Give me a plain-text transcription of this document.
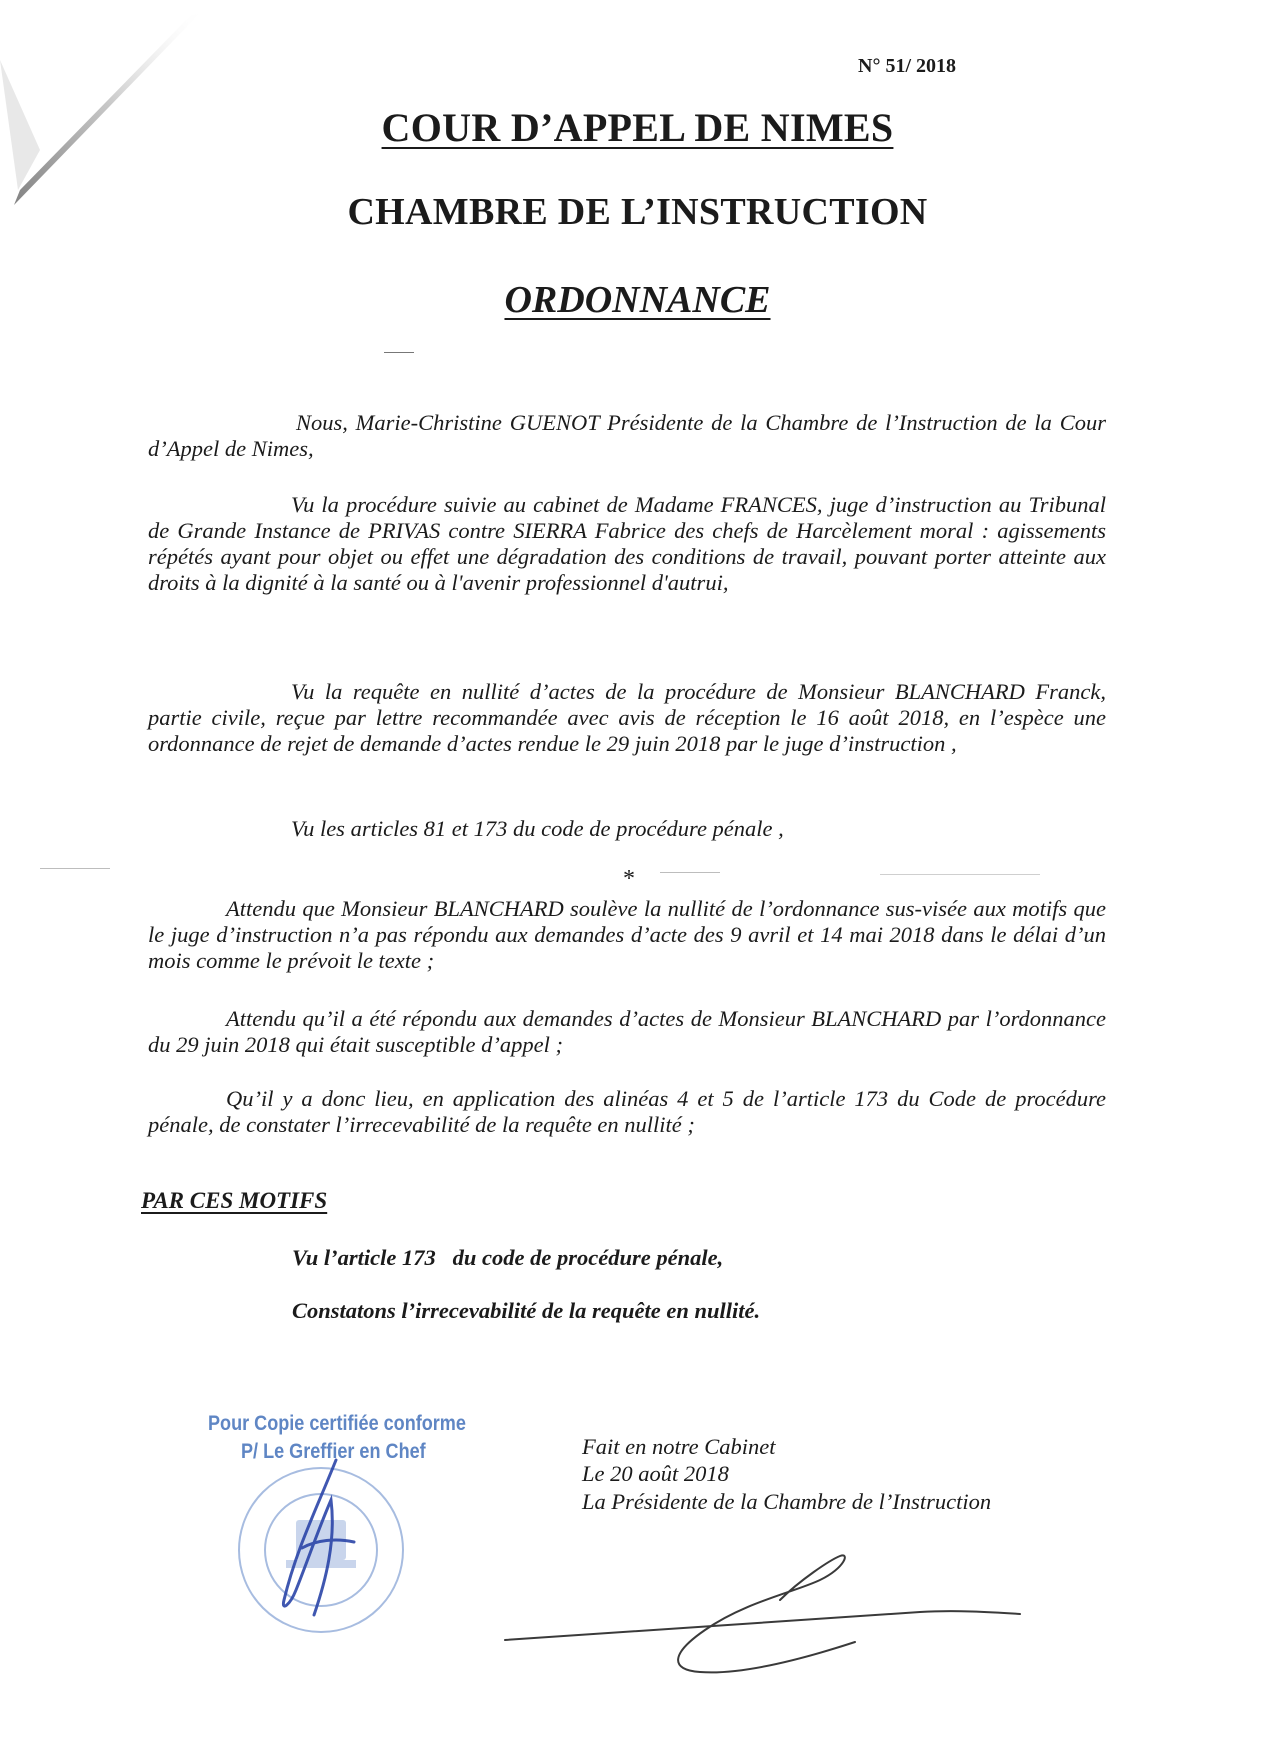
N° 51/ 2018
COUR D’APPEL DE NIMES
CHAMBRE DE L’INSTRUCTION
ORDONNANCE
Nous, Marie-Christine GUENOT Présidente de la Chambre de l’Instruction de la Cour d’Appel de Nimes,
Vu la procédure suivie au cabinet de Madame FRANCES, juge d’instruction au Tribunal de Grande Instance de PRIVAS contre SIERRA Fabrice des chefs de Harcèlement moral : agissements répétés ayant pour objet ou effet une dégradation des conditions de travail, pouvant porter atteinte aux droits à la dignité à la santé ou à l'avenir professionnel d'autrui,
Vu la requête en nullité d’actes de la procédure de Monsieur BLANCHARD Franck, partie civile, reçue par lettre recommandée avec avis de réception le 16 août 2018, en l’espèce une ordonnance de rejet de demande d’actes rendue le 29 juin 2018 par le juge d’instruction ,
Vu les articles 81 et 173 du code de procédure pénale ,
*
Attendu que Monsieur BLANCHARD soulève la nullité de l’ordonnance sus-visée aux motifs que le juge d’instruction n’a pas répondu aux demandes d’acte des 9 avril et 14 mai 2018 dans le délai d’un mois comme le prévoit le texte ;
Attendu qu’il a été répondu aux demandes d’actes de Monsieur BLANCHARD par l’ordonnance du 29 juin 2018 qui était susceptible d’appel ;
Qu’il y a donc lieu, en application des alinéas 4 et 5 de l’article 173 du Code de procédure pénale, de constater l’irrecevabilité de la requête en nullité ;
PAR CES MOTIFS
Vu l’article 173   du code de procédure pénale,
Constatons l’irrecevabilité de la requête en nullité.
Pour Copie certifiée conforme
P/ Le Greffier en Chef	Fait en notre Cabinet
Le 20 août 2018
La Présidente de la Chambre de l’Instruction
